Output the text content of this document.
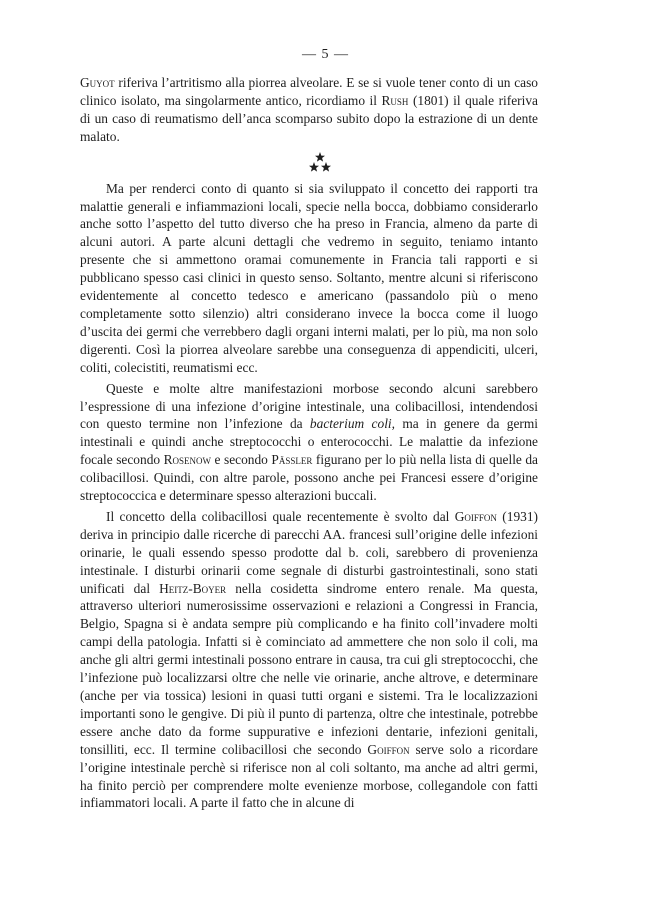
— 5 —

Guyot riferiva l’artritismo alla piorrea alveolare. E se si vuole tener conto di un caso clinico isolato, ma singolarmente antico, ricordiamo il Rush (1801) il quale riferiva di un caso di reumatismo dell’anca scomparso subito dopo la estrazione di un dente malato.

Ma per renderci conto di quanto si sia sviluppato il concetto dei rapporti tra malattie generali e infiammazioni locali, specie nella bocca, dobbiamo considerarlo anche sotto l’aspetto del tutto diverso che ha preso in Francia, almeno da parte di alcuni autori. A parte alcuni dettagli che vedremo in seguito, teniamo intanto presente che si ammettono oramai comunemente in Francia tali rapporti e si pubblicano spesso casi clinici in questo senso. Soltanto, mentre alcuni si riferiscono evidentemente al concetto tedesco e americano (passandolo più o meno completamente sotto silenzio) altri considerano invece la bocca come il luogo d’uscita dei germi che verrebbero dagli organi interni malati, per lo più, ma non solo digerenti. Così la piorrea alveolare sarebbe una conseguenza di appendiciti, ulceri, coliti, colecistiti, reumatismi ecc.

Queste e molte altre manifestazioni morbose secondo alcuni sarebbero l’espressione di una infezione d’origine intestinale, una colibacillosi, intendendosi con questo termine non l’infezione da bacterium coli, ma in genere da germi intestinali e quindi anche streptococchi o enterococchi. Le malattie da infezione focale secondo Rosenow e secondo Pässler figurano per lo più nella lista di quelle da colibacillosi. Quindi, con altre parole, possono anche pei Francesi essere d’origine streptococcica e determinare spesso alterazioni buccali.

Il concetto della colibacillosi quale recentemente è svolto dal Goiffon (1931) deriva in principio dalle ricerche di parecchi AA. francesi sull’origine delle infezioni orinarie, le quali essendo spesso prodotte dal b. coli, sarebbero di provenienza intestinale. I disturbi orinarii come segnale di disturbi gastrointestinali, sono stati unificati dal Heitz-Boyer nella cosidetta sindrome entero renale. Ma questa, attraverso ulteriori numerosissime osservazioni e relazioni a Congressi in Francia, Belgio, Spagna si è andata sempre più complicando e ha finito coll’invadere molti campi della patologia. Infatti si è cominciato ad ammettere che non solo il coli, ma anche gli altri germi intestinali possono entrare in causa, tra cui gli streptococchi, che l’infezione può localizzarsi oltre che nelle vie orinarie, anche altrove, e determinare (anche per via tossica) lesioni in quasi tutti organi e sistemi. Tra le localizzazioni importanti sono le gengive. Di più il punto di partenza, oltre che intestinale, potrebbe essere anche dato da forme suppurative e infezioni dentarie, infezioni genitali, tonsilliti, ecc. Il termine colibacillosi che secondo Goiffon serve solo a ricordare l’origine intestinale perchè si riferisce non al coli soltanto, ma anche ad altri germi, ha finito perciò per comprendere molte evenienze morbose, collegandole con fatti infiammatori locali. A parte il fatto che in alcune di
